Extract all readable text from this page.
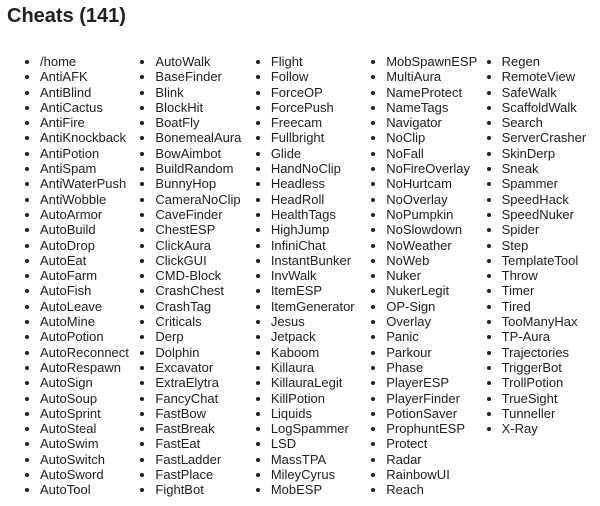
Cheats (141)
• /home
• AntiAFK
• AntiBlind
• AntiCactus
• AntiFire
• AntiKnockback
• AntiPotion
• AntiSpam
• AntiWaterPush
• AntiWobble
• AutoArmor
• AutoBuild
• AutoDrop
• AutoEat
• AutoFarm
• AutoFish
• AutoLeave
• AutoMine
• AutoPotion
• AutoReconnect
• AutoRespawn
• AutoSign
• AutoSoup
• AutoSprint
• AutoSteal
• AutoSwim
• AutoSwitch
• AutoSword
• AutoTool
• AutoWalk
• BaseFinder
• Blink
• BlockHit
• BoatFly
• BonemealAura
• BowAimbot
• BuildRandom
• BunnyHop
• CameraNoClip
• CaveFinder
• ChestESP
• ClickAura
• ClickGUI
• CMD-Block
• CrashChest
• CrashTag
• Criticals
• Derp
• Dolphin
• Excavator
• ExtraElytra
• FancyChat
• FastBow
• FastBreak
• FastEat
• FastLadder
• FastPlace
• FightBot
• Flight
• Follow
• ForceOP
• ForcePush
• Freecam
• Fullbright
• Glide
• HandNoClip
• Headless
• HeadRoll
• HealthTags
• HighJump
• InfiniChat
• InstantBunker
• InvWalk
• ItemESP
• ItemGenerator
• Jesus
• Jetpack
• Kaboom
• Killaura
• KillauraLegit
• KillPotion
• Liquids
• LogSpammer
• LSD
• MassTPA
• MileyCyrus
• MobESP
• MobSpawnESP
• MultiAura
• NameProtect
• NameTags
• Navigator
• NoClip
• NoFall
• NoFireOverlay
• NoHurtcam
• NoOverlay
• NoPumpkin
• NoSlowdown
• NoWeather
• NoWeb
• Nuker
• NukerLegit
• OP-Sign
• Overlay
• Panic
• Parkour
• Phase
• PlayerESP
• PlayerFinder
• PotionSaver
• ProphuntESP
• Protect
• Radar
• RainbowUI
• Reach
• Regen
• RemoteView
• SafeWalk
• ScaffoldWalk
• Search
• ServerCrasher
• SkinDerp
• Sneak
• Spammer
• SpeedHack
• SpeedNuker
• Spider
• Step
• TemplateTool
• Throw
• Timer
• Tired
• TooManyHax
• TP-Aura
• Trajectories
• TriggerBot
• TrollPotion
• TrueSight
• Tunneller
• X-Ray
